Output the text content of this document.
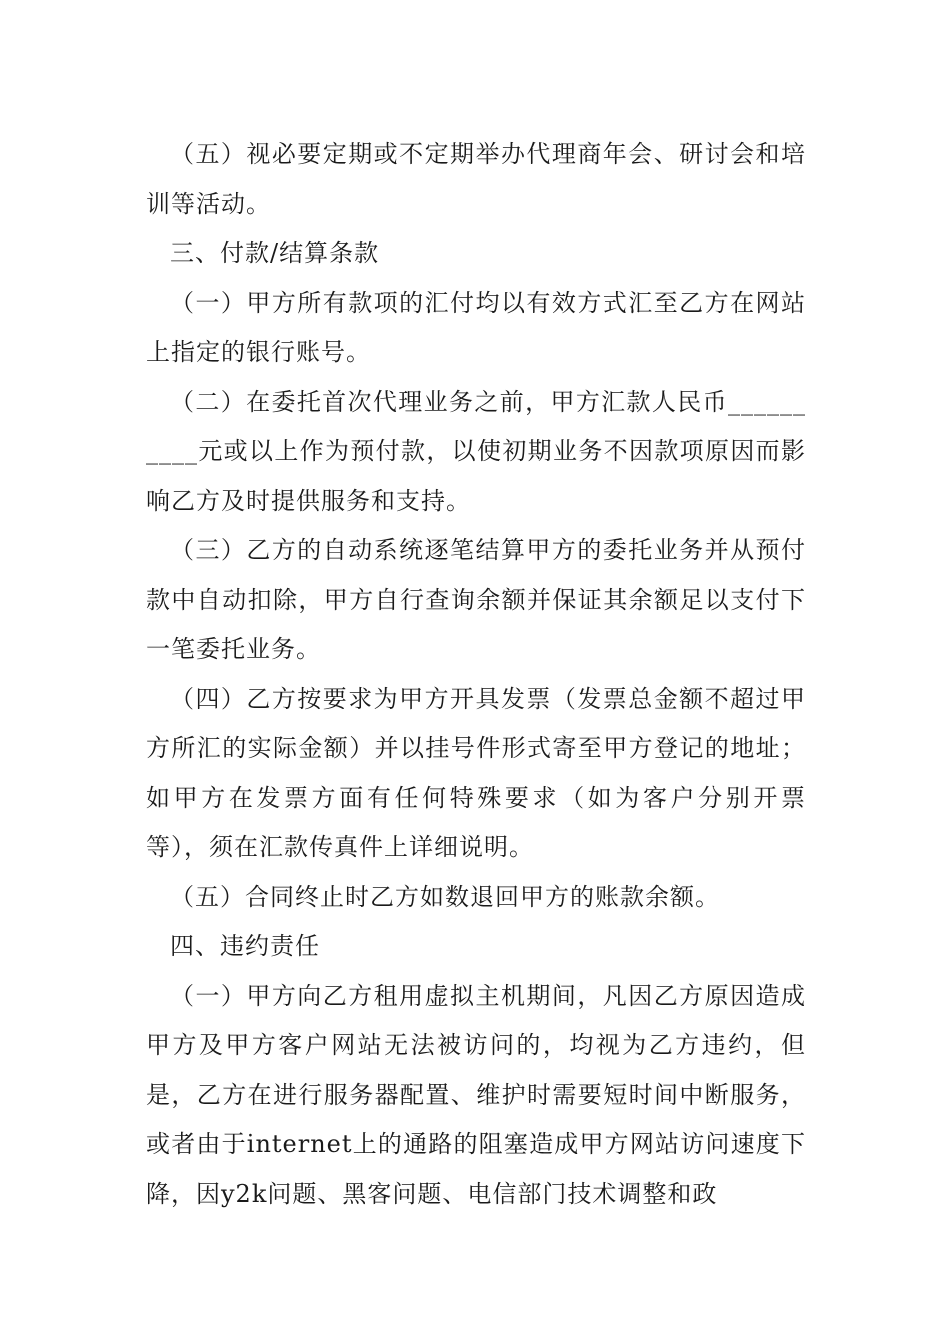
（五）视必要定期或不定期举办代理商年会、研讨会和培训等活动。

三、付款/结算条款

（一）甲方所有款项的汇付均以有效方式汇至乙方在网站上指定的银行账号。

（二）在委托首次代理业务之前，甲方汇款人民币__________元或以上作为预付款，以使初期业务不因款项原因而影响乙方及时提供服务和支持。

（三）乙方的自动系统逐笔结算甲方的委托业务并从预付款中自动扣除，甲方自行查询余额并保证其余额足以支付下一笔委托业务。

（四）乙方按要求为甲方开具发票（发票总金额不超过甲方所汇的实际金额）并以挂号件形式寄至甲方登记的地址；如甲方在发票方面有任何特殊要求（如为客户分别开票等），须在汇款传真件上详细说明。

（五）合同终止时乙方如数退回甲方的账款余额。

四、违约责任

（一）甲方向乙方租用虚拟主机期间，凡因乙方原因造成甲方及甲方客户网站无法被访问的，均视为乙方违约，但是，乙方在进行服务器配置、维护时需要短时间中断服务，或者由于internet上的通路的阻塞造成甲方网站访问速度下降，因y2k问题、黑客问题、电信部门技术调整和政
